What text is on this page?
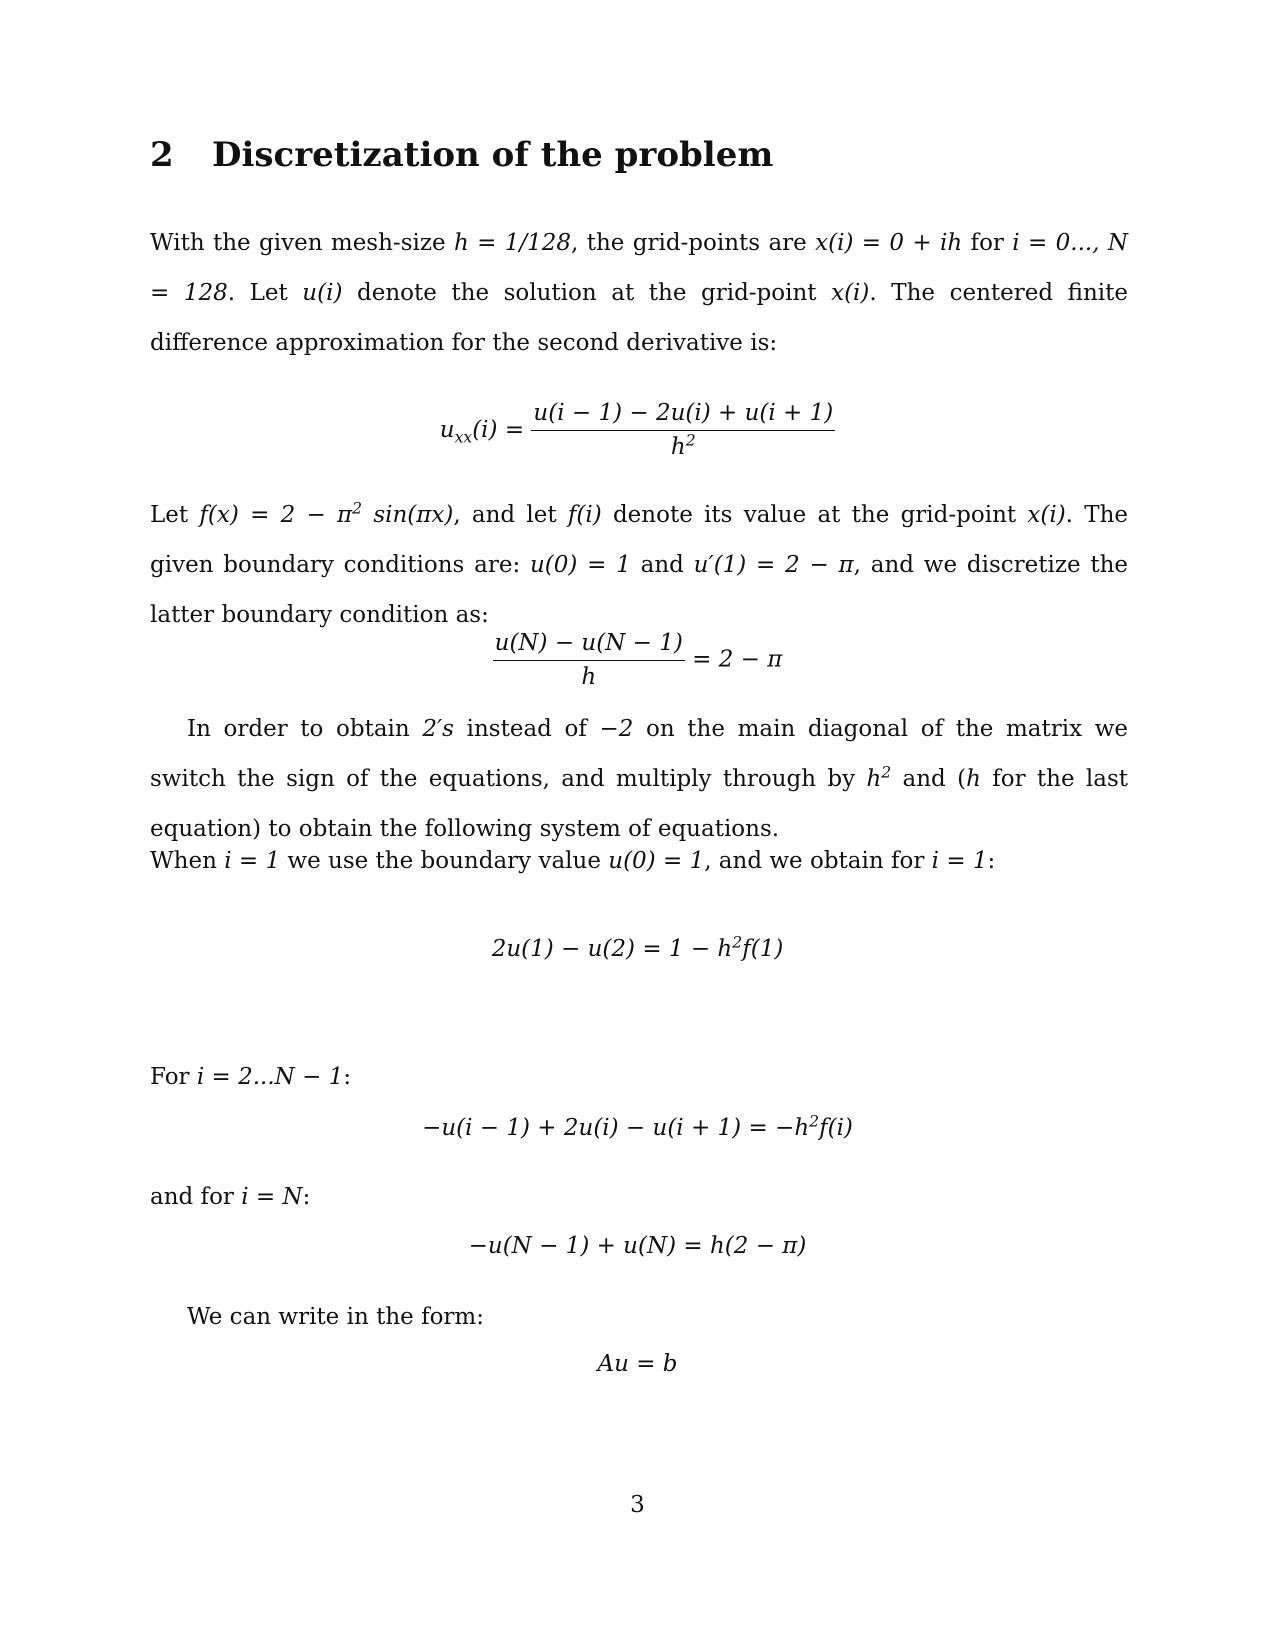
2 Discretization of the problem

With the given mesh-size h = 1/128, the grid-points are x(i) = 0 + ih for i = 0..., N = 128. Let u(i) denote the solution at the grid-point x(i). The centered finite difference approximation for the second derivative is:

$u_{xx}(i) = \frac{u(i - 1) - 2u(i) + u(i + 1)}{h^2}$

Let $f(x) = 2 - \pi^2$ sin(πx), and let f(i) denote its value at the grid-point x(i). The given boundary conditions are: u(0) = 1 and u′(1) = 2 − π, and we discretize the latter boundary condition as:

$\frac{u(N) - u(N - 1)}{h} = 2 - \pi$

In order to obtain 2′s instead of −2 on the main diagonal of the matrix we switch the sign of the equations, and multiply through by $h^2$ and (h for the last equation) to obtain the following system of equations.

When i = 1 we use the boundary value u(0) = 1, and we obtain for i = 1:

$2u(1) - u(2) = 1 - h^2f(1)$

For i = 2...N − 1:

$-u(i - 1) + 2u(i) - u(i + 1) = -h^2f(i)$

and for i = N:

−u(N − 1) + u(N) = h(2 − π)

We can write in the form:

Au = b
3
